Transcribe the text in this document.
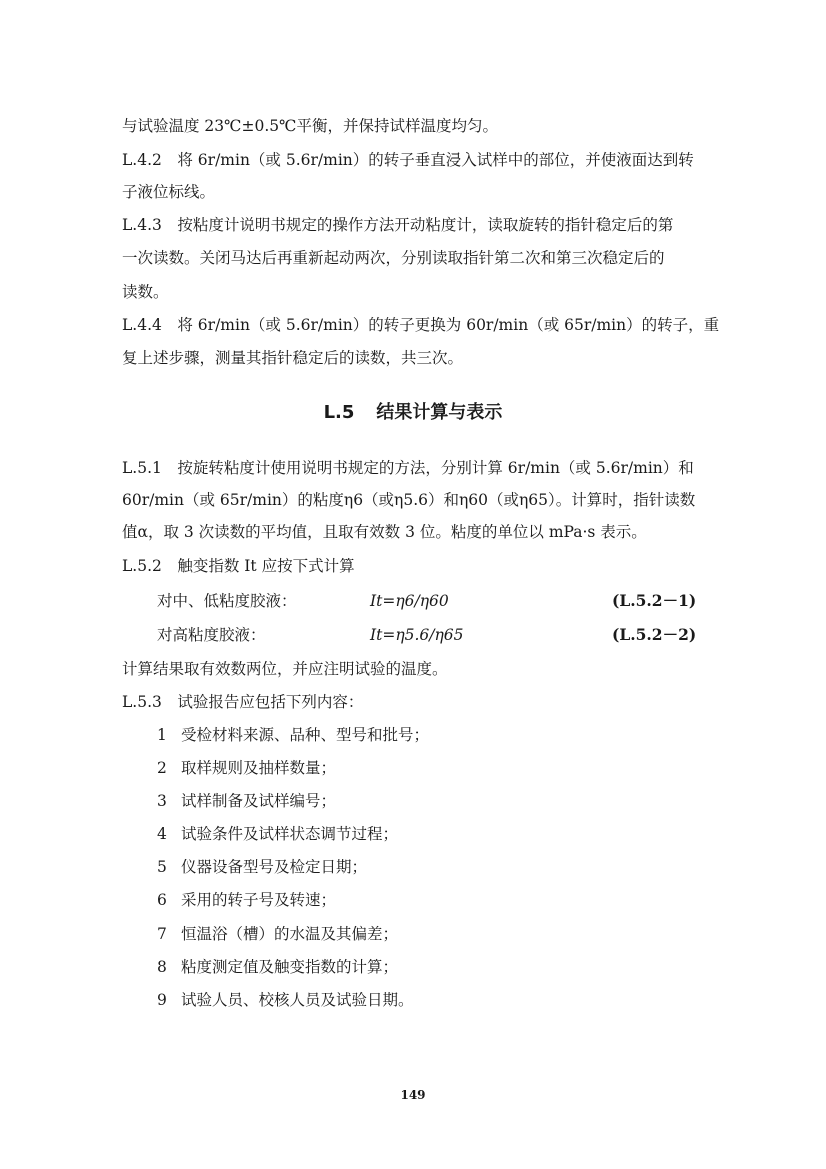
与试验温度 23℃±0.5℃平衡，并保持试样温度均匀。
L.4.2　将 6r/min（或 5.6r/min）的转子垂直浸入试样中的部位，并使液面达到转
子液位标线。
L.4.3　按粘度计说明书规定的操作方法开动粘度计，读取旋转的指针稳定后的第
一次读数。关闭马达后再重新起动两次，分别读取指针第二次和第三次稳定后的
读数。
L.4.4　将 6r/min（或 5.6r/min）的转子更换为 60r/min（或 65r/min）的转子，重
复上述步骤，测量其指针稳定后的读数，共三次。
L.5 结果计算与表示
L.5.1　按旋转粘度计使用说明书规定的方法，分别计算 6r/min（或 5.6r/min）和
60r/min（或 65r/min）的粘度η6（或η5.6）和η60（或η65）。计算时，指针读数
值α，取 3 次读数的平均值，且取有效数 3 位。粘度的单位以 mPa·s 表示。
L.5.2　触变指数 It 应按下式计算
对中、低粘度胶液：	It=η6/η60	(L.5.2－1)
对高粘度胶液：	It=η5.6/η65	(L.5.2－2)
计算结果取有效数两位，并应注明试验的温度。
L.5.3　试验报告应包括下列内容：
1 受检材料来源、品种、型号和批号；
2 取样规则及抽样数量；
3 试样制备及试样编号；
4 试验条件及试样状态调节过程；
5 仪器设备型号及检定日期；
6 采用的转子号及转速；
7 恒温浴（槽）的水温及其偏差；
8 粘度测定值及触变指数的计算；
9 试验人员、校核人员及试验日期。
149
